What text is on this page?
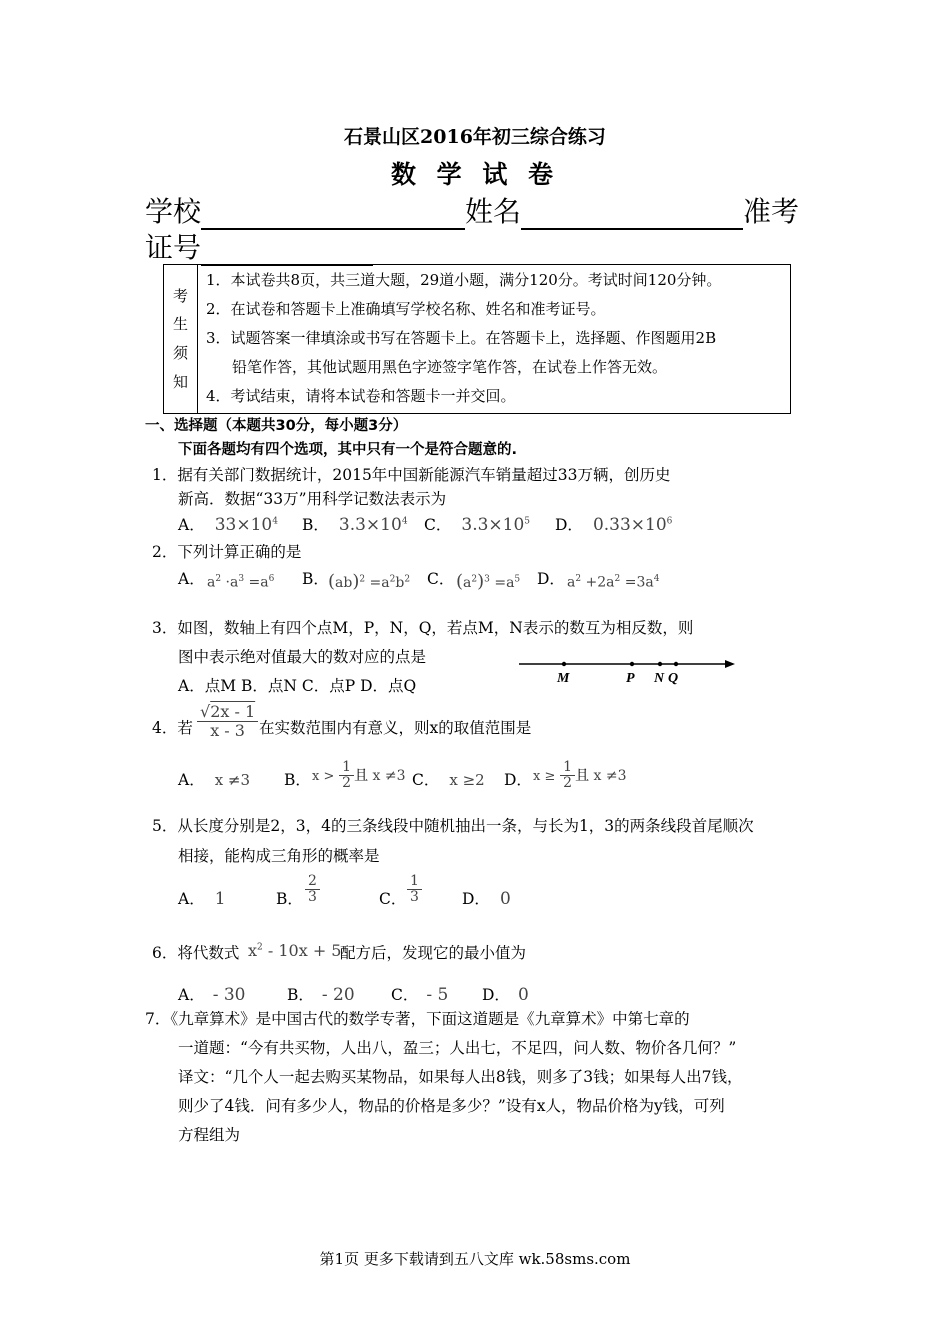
石景山区2016年初三综合练习
数 学 试 卷
学校	姓名	准考
证号
考
生
须
知
1．本试卷共8页，共三道大题，29道小题，满分120分。考试时间120分钟。
2．在试卷和答题卡上准确填写学校名称、姓名和准考证号。
3．试题答案一律填涂或书写在答题卡上。在答题卡上，选择题、作图题用2B
铅笔作答，其他试题用黑色字迹签字笔作答，在试卷上作答无效。
4．考试结束，请将本试卷和答题卡一并交回。
一、选择题（本题共30分，每小题3分）
下面各题均有四个选项，其中只有一个是符合题意的.
1．据有关部门数据统计，2015年中国新能源汽车销量超过33万辆，创历史
新高．数据“33万”用科学记数法表示为
A． $33\times 10^4$ B． $3.3\times 10^4$ C． $3.3\times 10^5$ D． $0.33\times 10^6$
2．下列计算正确的是
A． $a^2 \cdot a^3 =a^6$ B． $(ab)^2 =a^2b^2$ C． $(a^2)^3 =a^5$ D． $a^2 +2a^2 =3a^4$
3．如图，数轴上有四个点M，P，N，Q，若点M，N表示的数互为相反数，则
图中表示绝对值最大的数对应的点是
A．点M B．点N C．点P D．点Q	M	P N Q
4．若 $\frac{√2x - 1}{x - 3}$ 在实数范围内有意义，则x的取值范围是
A． x ≠3 B． $x > \frac{1}{2}$ 且 x ≠3 C． x ≥2 D． $x \ge \frac{1}{2}$ 且 x ≠3
5．从长度分别是2，3，4的三条线段中随机抽出一条，与长为1，3的两条线段首尾顺次
相接，能构成三角形的概率是
A． 1	B． $\frac{2}{3}$	C． $\frac{1}{3}$	D． 0
6．将代数式 $x^2 - 10x + 5$
配方后，发现它的最小值为
A． - 30	B． - 20 C． - 5 D． 0
7．《九章算术》是中国古代的数学专著，下面这道题是《九章算术》中第七章的
一道题：“今有共买物，人出八，盈三；人出七，不足四，问人数、物价各几何？”
译文：“几个人一起去购买某物品，如果每人出8钱，则多了3钱；如果每人出7钱，
则少了4钱．问有多少人，物品的价格是多少？”设有x人，物品价格为y钱，可列
方程组为
第1页 更多下载请到五八文库 wk.58sms.com
